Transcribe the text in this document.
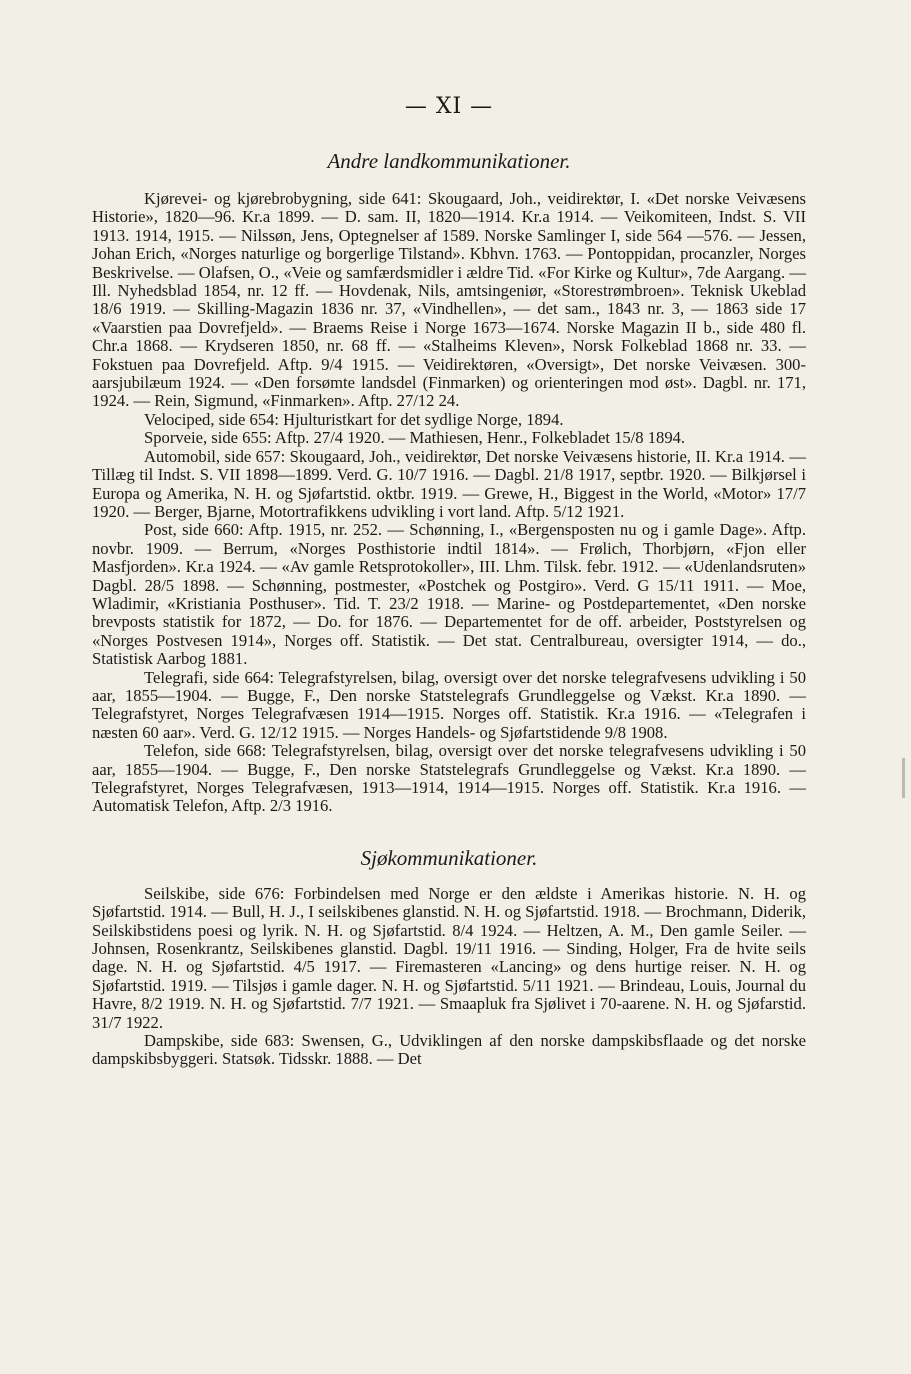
— XI —
Andre landkommunikationer.

Kjørevei- og kjørebrobygning, side 641: Skougaard, Joh., veidirektør, I. «Det norske Veivæsens Historie», 1820—96. Kr.a 1899. — D. sam. II, 1820—1914. Kr.a 1914. — Veikomiteen, Indst. S. VII 1913. 1914, 1915. — Nilssøn, Jens, Optegnelser af 1589. Norske Samlinger I, side 564 —576. — Jessen, Johan Erich, «Norges naturlige og borgerlige Tilstand». Kbhvn. 1763. — Pontoppidan, procanzler, Norges Beskrivelse. — Olafsen, O., «Veie og samfærdsmidler i ældre Tid. «For Kirke og Kultur», 7de Aargang. — Ill. Nyhedsblad 1854, nr. 12 ff. — Hovdenak, Nils, amtsingeniør, «Storestrømbroen». Teknisk Ukeblad 18/6 1919. — Skilling-Magazin 1836 nr. 37, «Vindhellen», — det sam., 1843 nr. 3, — 1863 side 17 «Vaarstien paa Dovrefjeld». — Braems Reise i Norge 1673—1674. Norske Magazin II b., side 480 fl. Chr.a 1868. — Krydseren 1850, nr. 68 ff. — «Stalheims Kleven», Norsk Folkeblad 1868 nr. 33. — Fokstuen paa Dovrefjeld. Aftp. 9/4 1915. — Veidirektøren, «Oversigt», Det norske Veivæsen. 300-aarsjubilæum 1924. — «Den forsømte landsdel (Finmarken) og orienteringen mod øst». Dagbl. nr. 171, 1924. — Rein, Sigmund, «Finmarken». Aftp. 27/12 24.

Velociped, side 654: Hjulturistkart for det sydlige Norge, 1894.

Sporveie, side 655: Aftp. 27/4 1920. — Mathiesen, Henr., Folkebladet 15/8 1894.

Automobil, side 657: Skougaard, Joh., veidirektør, Det norske Veivæsens historie, II. Kr.a 1914. — Tillæg til Indst. S. VII 1898—1899. Verd. G. 10/7 1916. — Dagbl. 21/8 1917, septbr. 1920. — Bilkjørsel i Europa og Amerika, N. H. og Sjøfartstid. oktbr. 1919. — Grewe, H., Biggest in the World, «Motor» 17/7 1920. — Berger, Bjarne, Motortrafikkens udvikling i vort land. Aftp. 5/12 1921.

Post, side 660: Aftp. 1915, nr. 252. — Schønning, I., «Bergensposten nu og i gamle Dage». Aftp. novbr. 1909. — Berrum, «Norges Posthistorie indtil 1814». — Frølich, Thorbjørn, «Fjon eller Masfjorden». Kr.a 1924. — «Av gamle Retsprotokoller», III. Lhm. Tilsk. febr. 1912. — «Udenlandsruten» Dagbl. 28/5 1898. — Schønning, postmester, «Postchek og Postgiro». Verd. G 15/11 1911. — Moe, Wladimir, «Kristiania Posthuser». Tid. T. 23/2 1918. — Marine- og Postdepartementet, «Den norske brevposts statistik for 1872, — Do. for 1876. — Departementet for de off. arbeider, Poststyrelsen og «Norges Postvesen 1914», Norges off. Statistik. — Det stat. Centralbureau, oversigter 1914, — do., Statistisk Aarbog 1881.

Telegrafi, side 664: Telegrafstyrelsen, bilag, oversigt over det norske telegrafvesens udvikling i 50 aar, 1855—1904. — Bugge, F., Den norske Statstelegrafs Grundleggelse og Vækst. Kr.a 1890. — Telegrafstyret, Norges Telegrafvæsen 1914—1915. Norges off. Statistik. Kr.a 1916. — «Telegrafen i næsten 60 aar». Verd. G. 12/12 1915. — Norges Handels- og Sjøfartstidende 9/8 1908.

Telefon, side 668: Telegrafstyrelsen, bilag, oversigt over det norske telegrafvesens udvikling i 50 aar, 1855—1904. — Bugge, F., Den norske Statstelegrafs Grundleggelse og Vækst. Kr.a 1890. — Telegrafstyret, Norges Telegrafvæsen, 1913—1914, 1914—1915. Norges off. Statistik. Kr.a 1916. — Automatisk Telefon, Aftp. 2/3 1916.

Sjøkommunikationer.

Seilskibe, side 676: Forbindelsen med Norge er den ældste i Amerikas historie. N. H. og Sjøfartstid. 1914. — Bull, H. J., I seilskibenes glanstid. N. H. og Sjøfartstid. 1918. — Brochmann, Diderik, Seilskibstidens poesi og lyrik. N. H. og Sjøfartstid. 8/4 1924. — Heltzen, A. M., Den gamle Seiler. — Johnsen, Rosenkrantz, Seilskibenes glanstid. Dagbl. 19/11 1916. — Sinding, Holger, Fra de hvite seils dage. N. H. og Sjøfartstid. 4/5 1917. — Firemasteren «Lancing» og dens hurtige reiser. N. H. og Sjøfartstid. 1919. — Tilsjøs i gamle dager. N. H. og Sjøfartstid. 5/11 1921. — Brindeau, Louis, Journal du Havre, 8/2 1919. N. H. og Sjøfartstid. 7/7 1921. — Smaapluk fra Sjølivet i 70-aarene. N. H. og Sjøfarstid. 31/7 1922.

Dampskibe, side 683: Swensen, G., Udviklingen af den norske dampskibsflaade og det norske dampskibsbyggeri. Statsøk. Tidsskr. 1888. — Det
